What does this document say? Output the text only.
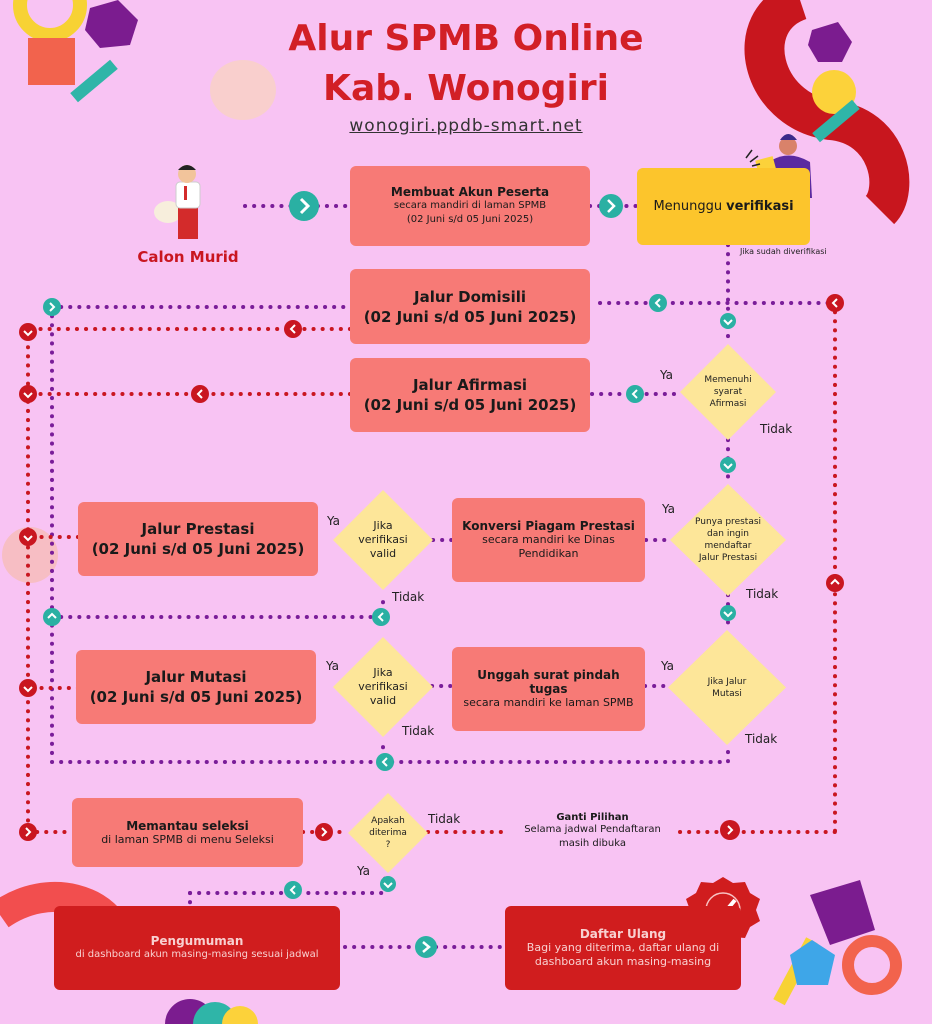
Alur SPMB Online
Kab. Wonogiri
wonogiri.ppdb-smart.net
Calon Murid
Membuat Akun Peserta
secara mandiri di laman SPMB
(02 Juni s/d 05 Juni 2025)
Menunggu verifikasi
Jika sudah diverifikasi
Jalur Domisili
(02 Juni s/d 05 Juni 2025)
Jalur Afirmasi
(02 Juni s/d 05 Juni 2025)
Memenuhi
syarat
Afirmasi
Ya
Tidak
Jalur Prestasi
(02 Juni s/d 05 Juni 2025)
Jika
verifikasi
valid
Ya
Tidak
Konversi Piagam Prestasi
secara mandiri ke Dinas
Pendidikan
Punya prestasi
dan ingin
mendaftar
Jalur Prestasi
Ya
Tidak
Jalur Mutasi
(02 Juni s/d 05 Juni 2025)
Jika
verifikasi
valid
Ya
Tidak
Unggah surat pindah tugas
secara mandiri ke laman SPMB
Jika Jalur
Mutasi
Ya
Tidak
Memantau seleksi
di laman SPMB di menu Seleksi
Apakah
diterima
?
Tidak
Ya
Ganti Pilihan
Selama jadwal Pendaftaran
masih dibuka
Pengumuman
di dashboard akun masing-masing sesuai jadwal
Daftar Ulang
Bagi yang diterima, daftar ulang di
dashboard akun masing-masing
